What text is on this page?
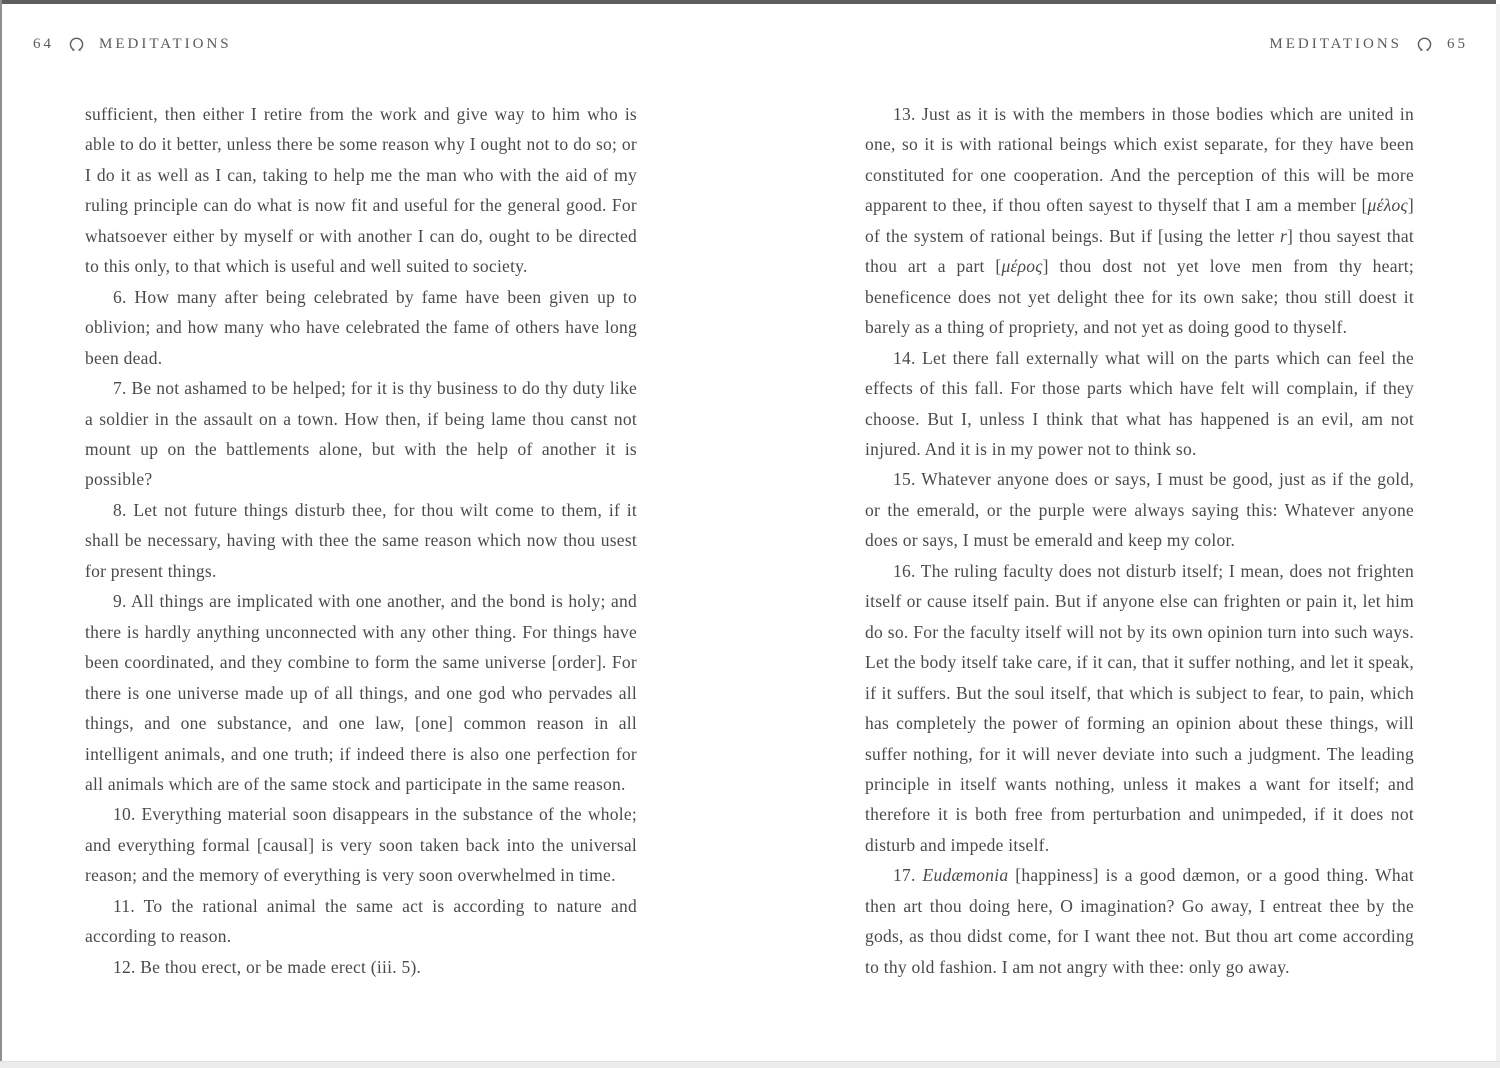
64	MEDITATIONS

sufficient, then either I retire from the work and give way to him who is able to do it better, unless there be some reason why I ought not to do so; or I do it as well as I can, taking to help me the man who with the aid of my ruling principle can do what is now fit and useful for the general good. For whatsoever either by myself or with another I can do, ought to be directed to this only, to that which is useful and well suited to society.

6. How many after being celebrated by fame have been given up to oblivion; and how many who have celebrated the fame of others have long been dead.

7. Be not ashamed to be helped; for it is thy business to do thy duty like a soldier in the assault on a town. How then, if being lame thou canst not mount up on the battlements alone, but with the help of another it is possible?

8. Let not future things disturb thee, for thou wilt come to them, if it shall be necessary, having with thee the same reason which now thou usest for present things.

9. All things are implicated with one another, and the bond is holy; and there is hardly anything unconnected with any other thing. For things have been coordinated, and they combine to form the same universe [order]. For there is one universe made up of all things, and one god who pervades all things, and one substance, and one law, [one] common reason in all intelligent animals, and one truth; if indeed there is also one perfection for all animals which are of the same stock and participate in the same reason.

10. Everything material soon disappears in the substance of the whole; and everything formal [causal] is very soon taken back into the universal reason; and the memory of everything is very soon overwhelmed in time.

11. To the rational animal the same act is according to nature and according to reason.

12. Be thou erect, or be made erect (iii. 5).

MEDITATIONS	65

13. Just as it is with the members in those bodies which are united in one, so it is with rational beings which exist separate, for they have been constituted for one cooperation. And the perception of this will be more apparent to thee, if thou often sayest to thyself that I am a member [μέλος] of the system of rational beings. But if [using the letter r] thou sayest that thou art a part [μέρος] thou dost not yet love men from thy heart; beneficence does not yet delight thee for its own sake; thou still doest it barely as a thing of propriety, and not yet as doing good to thyself.

14. Let there fall externally what will on the parts which can feel the effects of this fall. For those parts which have felt will complain, if they choose. But I, unless I think that what has happened is an evil, am not injured. And it is in my power not to think so.

15. Whatever anyone does or says, I must be good, just as if the gold, or the emerald, or the purple were always saying this: Whatever anyone does or says, I must be emerald and keep my color.

16. The ruling faculty does not disturb itself; I mean, does not frighten itself or cause itself pain. But if anyone else can frighten or pain it, let him do so. For the faculty itself will not by its own opinion turn into such ways. Let the body itself take care, if it can, that it suffer nothing, and let it speak, if it suffers. But the soul itself, that which is subject to fear, to pain, which has completely the power of forming an opinion about these things, will suffer nothing, for it will never deviate into such a judgment. The leading principle in itself wants nothing, unless it makes a want for itself; and therefore it is both free from perturbation and unimpeded, if it does not disturb and impede itself.

17. Eudæmonia [happiness] is a good dæmon, or a good thing. What then art thou doing here, O imagination? Go away, I entreat thee by the gods, as thou didst come, for I want thee not. But thou art come according to thy old fashion. I am not angry with thee: only go away.
